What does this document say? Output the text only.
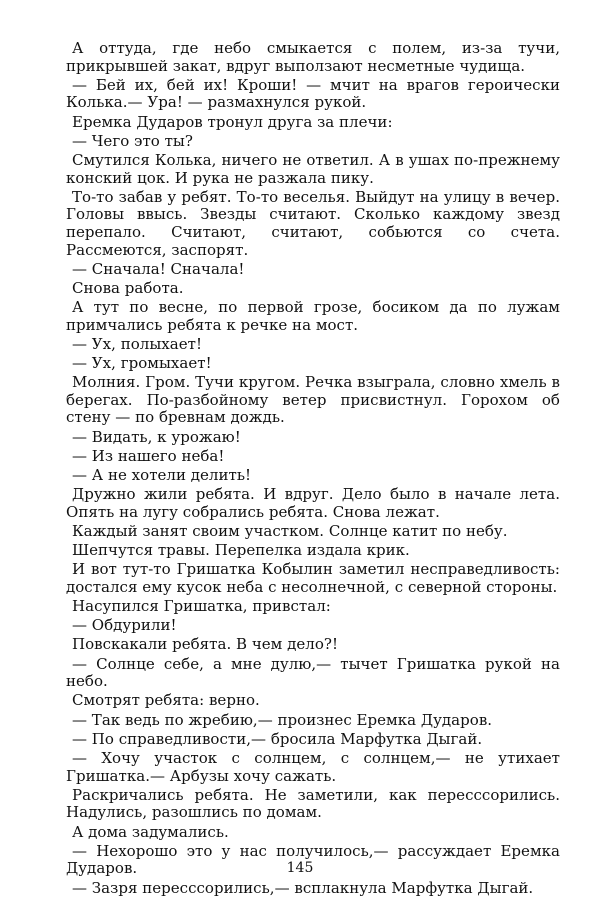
А оттуда, где небо смыкается с полем, из-за тучи, прикрывшей закат, вдруг выползают несметные чудища.

— Бей их, бей их! Кроши! — мчит на врагов героически Колька.— Ура! — размахнулся рукой.

Еремка Дударов тронул друга за плечи:

— Чего это ты?

Смутился Колька, ничего не ответил. А в ушах по-прежнему конский цок. И рука не разжала пику.

То-то забав у ребят. То-то веселья. Выйдут на улицу в вечер. Головы ввысь. Звезды считают. Сколько каждому звезд перепало. Считают, считают, собьются со счета. Рассмеются, заспорят.

— Сначала! Сначала!

Снова работа.

А тут по весне, по первой грозе, босиком да по лужам примчались ребята к речке на мост.

— Ух, полыхает!

— Ух, громыхает!

Молния. Гром. Тучи кругом. Речка взыграла, словно хмель в берегах. По-разбойному ветер присвистнул. Горохом об стену — по бревнам дождь.

— Видать, к урожаю!

— Из нашего неба!

— А не хотели делить!

Дружно жили ребята. И вдруг. Дело было в начале лета. Опять на лугу собрались ребята. Снова лежат.

Каждый занят своим участком. Солнце катит по небу.

Шепчутся травы. Перепелка издала крик.

И вот тут-то Гришатка Кобылин заметил несправедливость: достался ему кусок неба с несолнечной, с северной стороны.

Насупился Гришатка, привстал:

— Обдурили!

Повскакали ребята. В чем дело?!

— Солнце себе, а мне дулю,— тычет Гришатка рукой на небо.

Смотрят ребята: верно.

— Так ведь по жребию,— произнес Еремка Дударов.

— По справедливости,— бросила Марфутка Дыгай.

— Хочу участок с солнцем, с солнцем,— не утихает Гришатка.— Арбузы хочу сажать.

Раскричались ребята. Не заметили, как пересссорились. Надулись, разошлись по домам.

А дома задумались.

— Нехорошо это у нас получилось,— рассуждает Еремка Дударов.

— Зазря пересссорились,— всплакнула Марфутка Дыгай.

145
